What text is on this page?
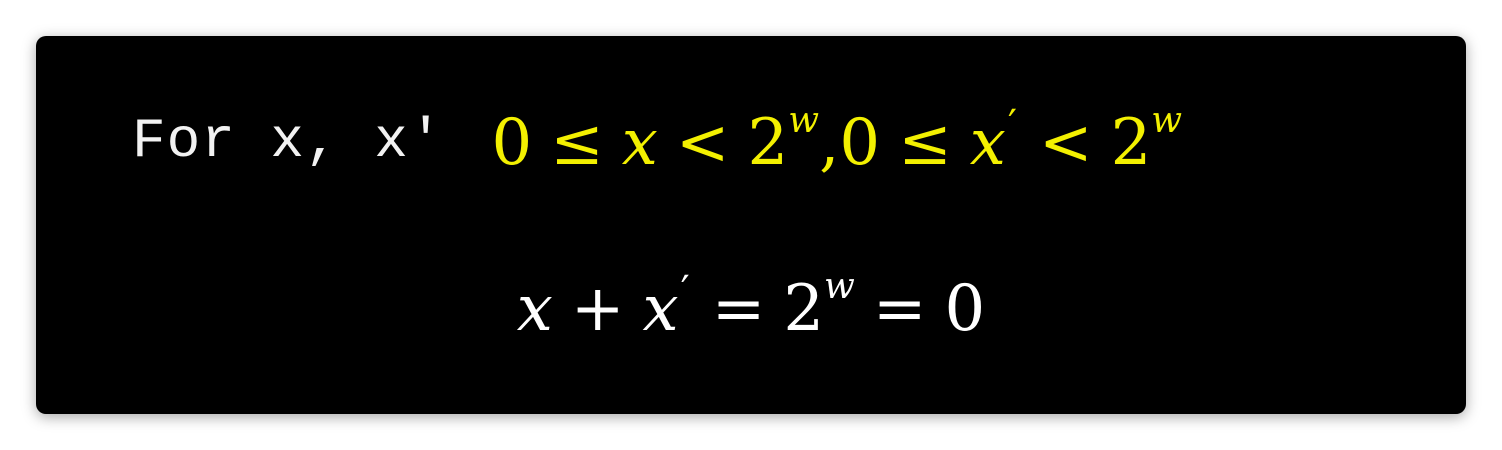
For x, x' $0 \le x < 2^w,0 \le x' < 2^w$
$x + x' = 2^w = 0$
